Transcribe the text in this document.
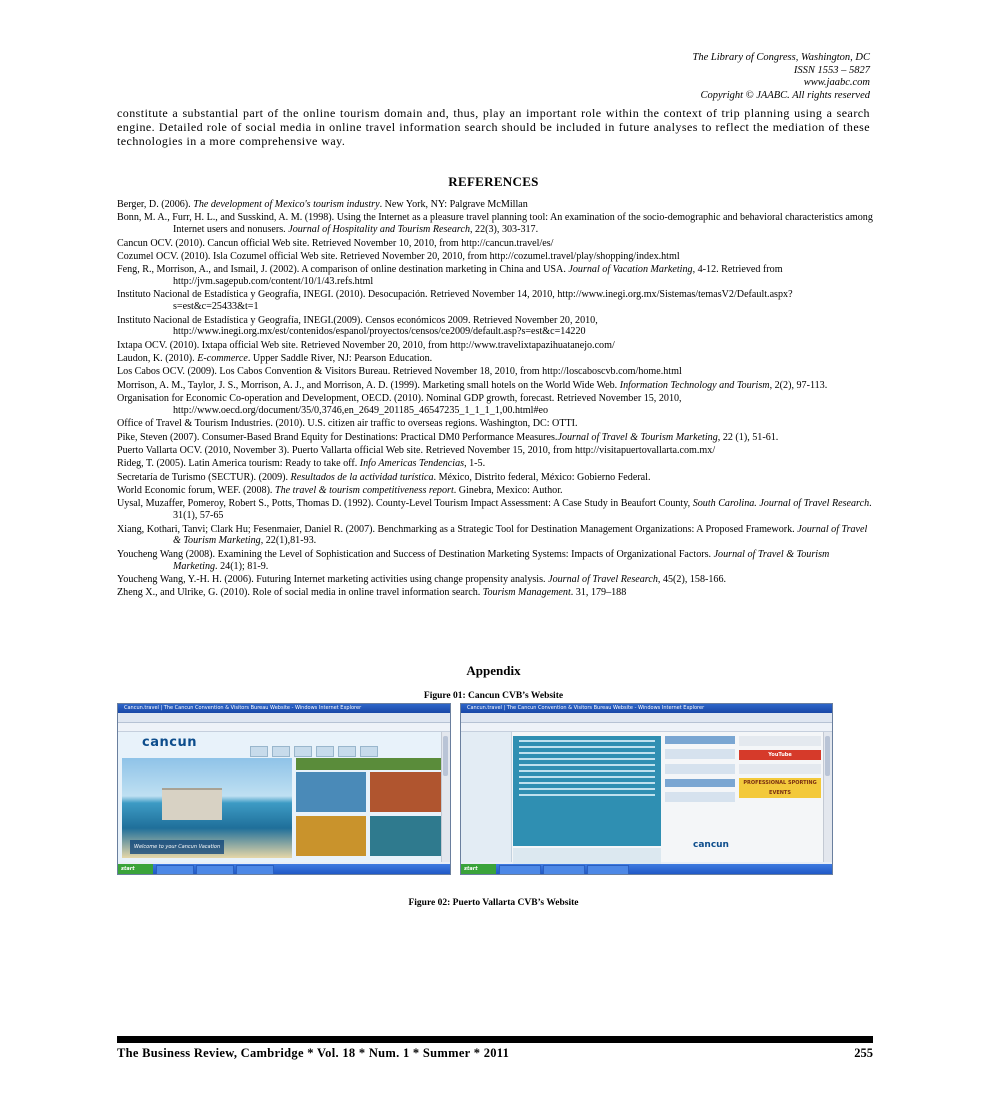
The Library of Congress, Washington, DC
ISSN 1553 – 5827
www.jaabc.com
Copyright © JAABC. All rights reserved
constitute a substantial part of the online tourism domain and, thus, play an important role within the context of trip planning using a search engine. Detailed role of social media in online travel information search should be included in future analyses to reflect the mediation of these technologies in a more comprehensive way.
REFERENCES
Berger, D. (2006). The development of Mexico's tourism industry. New York, NY: Palgrave McMillan
Bonn, M. A., Furr, H. L., and Susskind, A. M. (1998). Using the Internet as a pleasure travel planning tool: An examination of the socio-demographic and behavioral characteristics among Internet users and nonusers. Journal of Hospitality and Tourism Research, 22(3), 303-317.
Cancun OCV. (2010). Cancun official Web site. Retrieved November 10, 2010, from http://cancun.travel/es/
Cozumel OCV. (2010). Isla Cozumel official Web site. Retrieved November 20, 2010, from http://cozumel.travel/play/shopping/index.html
Feng, R., Morrison, A., and Ismail, J. (2002). A comparison of online destination marketing in China and USA. Journal of Vacation Marketing, 4-12. Retrieved from http://jvm.sagepub.com/content/10/1/43.refs.html
Instituto Nacional de Estadística y Geografía, INEGI. (2010). Desocupación. Retrieved November 14, 2010, http://www.inegi.org.mx/Sistemas/temasV2/Default.aspx?s=est&c=25433&t=1
Instituto Nacional de Estadística y Geografía, INEGI.(2009). Censos económicos 2009. Retrieved November 20, 2010, http://www.inegi.org.mx/est/contenidos/espanol/proyectos/censos/ce2009/default.asp?s=est&c=14220
Ixtapa OCV. (2010). Ixtapa official Web site. Retrieved November 20, 2010, from http://www.travelixtapazihuatanejo.com/
Laudon, K. (2010). E-commerce. Upper Saddle River, NJ: Pearson Education.
Los Cabos OCV. (2009). Los Cabos Convention & Visitors Bureau. Retrieved November 18, 2010, from http://loscaboscvb.com/home.html
Morrison, A. M., Taylor, J. S., Morrison, A. J., and Morrison, A. D. (1999). Marketing small hotels on the World Wide Web. Information Technology and Tourism, 2(2), 97-113.
Organisation for Economic Co-operation and Development, OECD. (2010). Nominal GDP growth, forecast. Retrieved November 15, 2010, http://www.oecd.org/document/35/0,3746,en_2649_201185_46547235_1_1_1_1,00.html#eo
Office of Travel & Tourism Industries. (2010). U.S. citizen air traffic to overseas regions. Washington, DC: OTTI.
Pike, Steven (2007). Consumer-Based Brand Equity for Destinations: Practical DM0 Performance Measures.Journal of Travel & Tourism Marketing, 22 (1), 51-61.
Puerto Vallarta OCV. (2010, November 3). Puerto Vallarta official Web site. Retrieved November 15, 2010, from http://visitapuertovallarta.com.mx/
Rideg, T. (2005). Latin America tourism: Ready to take off. Info Americas Tendencias, 1-5.
Secretaría de Turismo (SECTUR). (2009). Resultados de la actividad turística. México, Distrito federal, México: Gobierno Federal.
World Economic forum, WEF. (2008). The travel & tourism competitiveness report. Ginebra, Mexico: Author.
Uysal, Muzaffer, Pomeroy, Robert S., Potts, Thomas D. (1992). County-Level Tourism Impact Assessment: A Case Study in Beaufort County, South Carolina. Journal of Travel Research. 31(1), 57-65
Xiang, Kothari, Tanvi; Clark Hu; Fesenmaier, Daniel R. (2007). Benchmarking as a Strategic Tool for Destination Management Organizations: A Proposed Framework. Journal of Travel & Tourism Marketing, 22(1),81-93.
Youcheng Wang (2008). Examining the Level of Sophistication and Success of Destination Marketing Systems: Impacts of Organizational Factors. Journal of Travel & Tourism Marketing. 24(1); 81-9.
Youcheng Wang, Y.-H. H. (2006). Futuring Internet marketing activities using change propensity analysis. Journal of Travel Research, 45(2), 158-166.
Zheng X., and Ulrike, G. (2010). Role of social media in online travel information search. Tourism Management. 31, 179–188
Appendix
Figure 01: Cancun CVB’s Website
Cancun.travel | The Cancun Convention & Visitors Bureau Website - Windows Internet Explorer
cancun
Welcome to your Cancun Vacation
start
Cancun.travel | The Cancun Convention & Visitors Bureau Website - Windows Internet Explorer
YouTube
PROFESSIONAL SPORTING EVENTS
cancun
start
Figure 02: Puerto Vallarta CVB’s Website
The Business Review, Cambridge * Vol. 18 * Num. 1 * Summer * 2011	255
